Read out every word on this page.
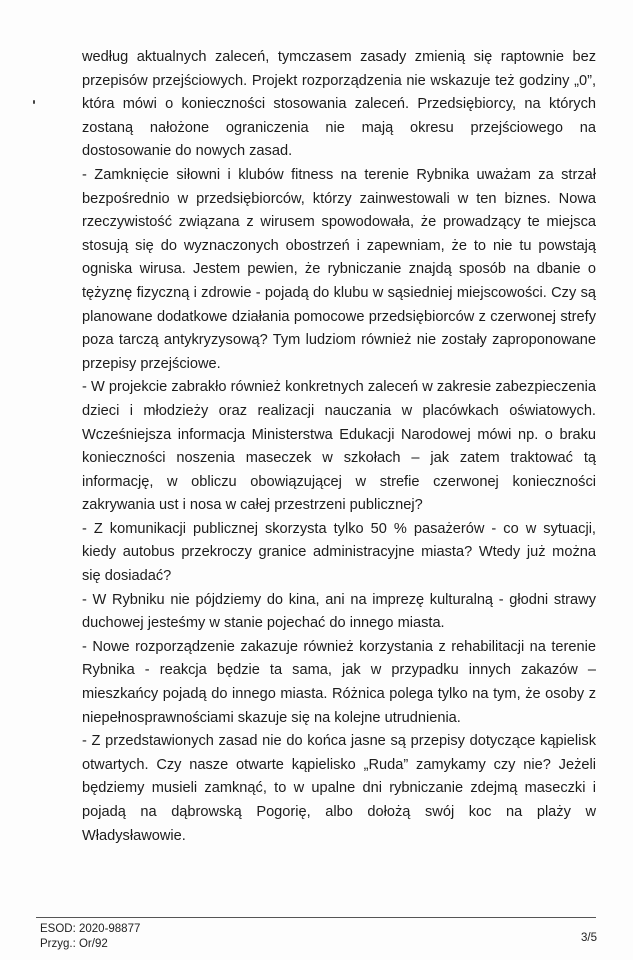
według aktualnych zaleceń, tymczasem zasady zmienią się raptownie bez przepisów przejściowych. Projekt rozporządzenia nie wskazuje też godziny „0”, która mówi o konieczności stosowania zaleceń. Przedsiębiorcy, na których zostaną nałożone ograniczenia nie mają okresu przejściowego na dostosowanie do nowych zasad.

- Zamknięcie siłowni i klubów fitness na terenie Rybnika uważam za strzał bezpośrednio w przedsiębiorców, którzy zainwestowali w ten biznes. Nowa rzeczywistość związana z wirusem spowodowała, że prowadzący te miejsca stosują się do wyznaczonych obostrzeń i zapewniam, że to nie tu powstają ogniska wirusa. Jestem pewien, że rybniczanie znajdą sposób na dbanie o tężyznę fizyczną i zdrowie - pojadą do klubu w sąsiedniej miejscowości. Czy są planowane dodatkowe działania pomocowe przedsiębiorców z czerwonej strefy poza tarczą antykryzysową? Tym ludziom również nie zostały zaproponowane przepisy przejściowe.

- W projekcie zabrakło również konkretnych zaleceń w zakresie zabezpieczenia dzieci i młodzieży oraz realizacji nauczania w placówkach oświatowych. Wcześniejsza informacja Ministerstwa Edukacji Narodowej mówi np. o braku konieczności noszenia maseczek w szkołach – jak zatem traktować tą informację, w obliczu obowiązującej w strefie czerwonej konieczności zakrywania ust i nosa w całej przestrzeni publicznej?

- Z komunikacji publicznej skorzysta tylko 50 % pasażerów - co w sytuacji, kiedy autobus przekroczy granice administracyjne miasta? Wtedy już można się dosiadać?

- W Rybniku nie pójdziemy do kina, ani na imprezę kulturalną - głodni strawy duchowej jesteśmy w stanie pojechać do innego miasta.

- Nowe rozporządzenie zakazuje również korzystania z rehabilitacji na terenie Rybnika - reakcja będzie ta sama, jak w przypadku innych zakazów – mieszkańcy pojadą do innego miasta. Różnica polega tylko na tym, że osoby z niepełnosprawnościami skazuje się na kolejne utrudnienia.

- Z przedstawionych zasad nie do końca jasne są przepisy dotyczące kąpielisk otwartych. Czy nasze otwarte kąpielisko „Ruda” zamykamy czy nie? Jeżeli będziemy musieli zamknąć, to w upalne dni rybniczanie zdejmą maseczki i pojadą na dąbrowską Pogorię, albo dołożą swój koc na plaży w Władysławowie.

ESOD: 2020-98877
Przyg.: Or/92	3/5
